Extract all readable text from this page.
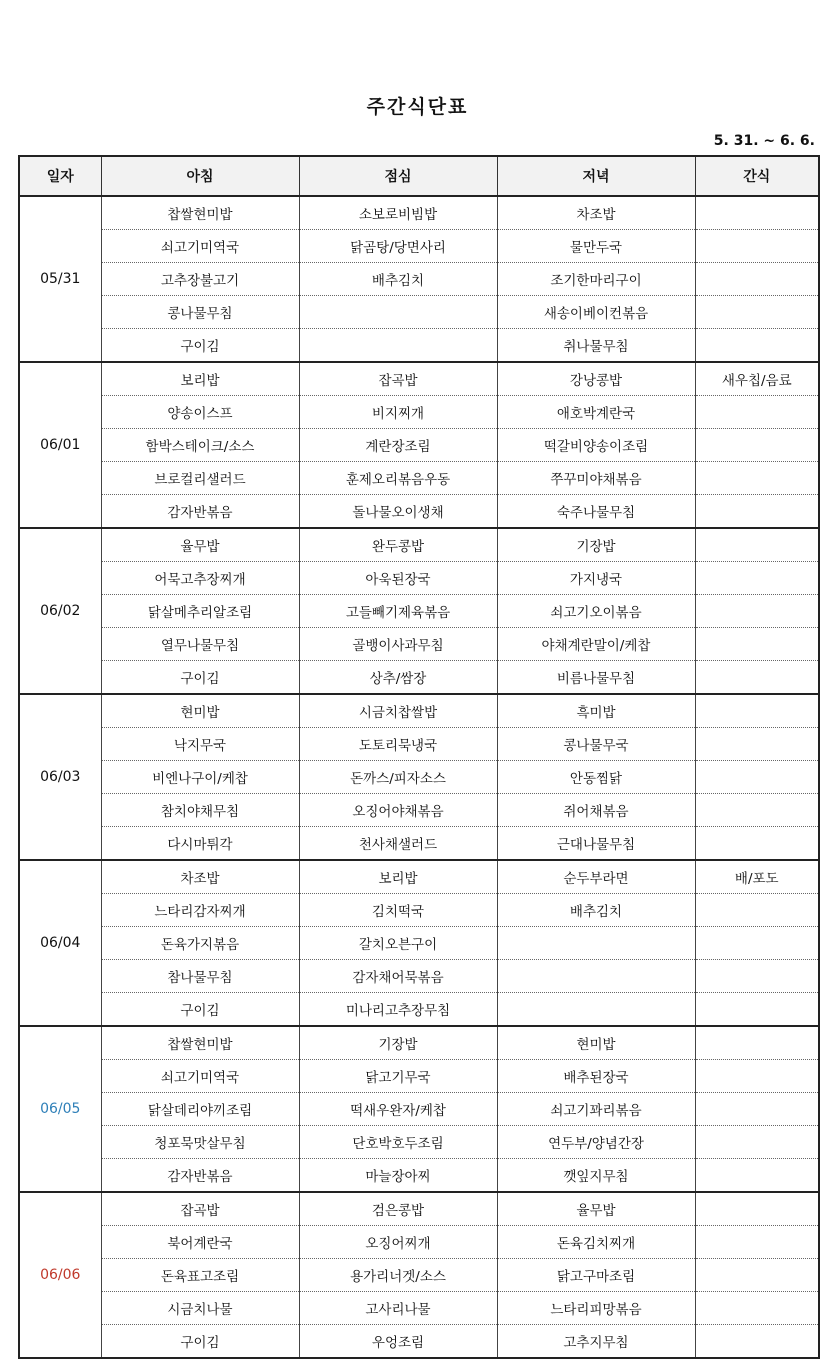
주간식단표
5. 31. ~ 6. 6.
일자	아침	점심	저녁	간식
05/31	찹쌀현미밥	소보로비빔밥	차조밥	
	쇠고기미역국	닭곰탕/당면사리	물만두국	
	고추장불고기	배추김치	조기한마리구이	
	콩나물무침		새송이베이컨볶음	
	구이김		취나물무침	
06/01	보리밥	잡곡밥	강낭콩밥	새우칩/음료
	양송이스프	비지찌개	애호박계란국	
	함박스테이크/소스	계란장조림	떡갈비양송이조림	
	브로컬리샐러드	훈제오리볶음우동	쭈꾸미야채볶음	
	감자반볶음	돌나물오이생채	숙주나물무침	
06/02	율무밥	완두콩밥	기장밥	
	어묵고추장찌개	아욱된장국	가지냉국	
	닭살메추리알조림	고들빼기제육볶음	쇠고기오이볶음	
	열무나물무침	골뱅이사과무침	야채계란말이/케찹	
	구이김	상추/쌈장	비름나물무침	
06/03	현미밥	시금치찹쌀밥	흑미밥	
	낙지무국	도토리묵냉국	콩나물무국	
	비엔나구이/케찹	돈까스/피자소스	안동찜닭	
	참치야채무침	오징어야채볶음	쥐어채볶음	
	다시마튀각	천사채샐러드	근대나물무침	
06/04	차조밥	보리밥	순두부라면	배/포도
	느타리감자찌개	김치떡국	배추김치	
	돈육가지볶음	갈치오븐구이		
	참나물무침	감자채어묵볶음		
	구이김	미나리고추장무침		
06/05	찹쌀현미밥	기장밥	현미밥	
	쇠고기미역국	닭고기무국	배추된장국	
	닭살데리야끼조림	떡새우완자/케찹	쇠고기꽈리볶음	
	청포묵맛살무침	단호박호두조림	연두부/양념간장	
	감자반볶음	마늘장아찌	깻잎지무침	
06/06	잡곡밥	검은콩밥	율무밥	
	북어계란국	오징어찌개	돈육김치찌개	
	돈육표고조림	용가리너겟/소스	닭고구마조림	
	시금치나물	고사리나물	느타리피망볶음	
	구이김	우엉조림	고추지무침	
